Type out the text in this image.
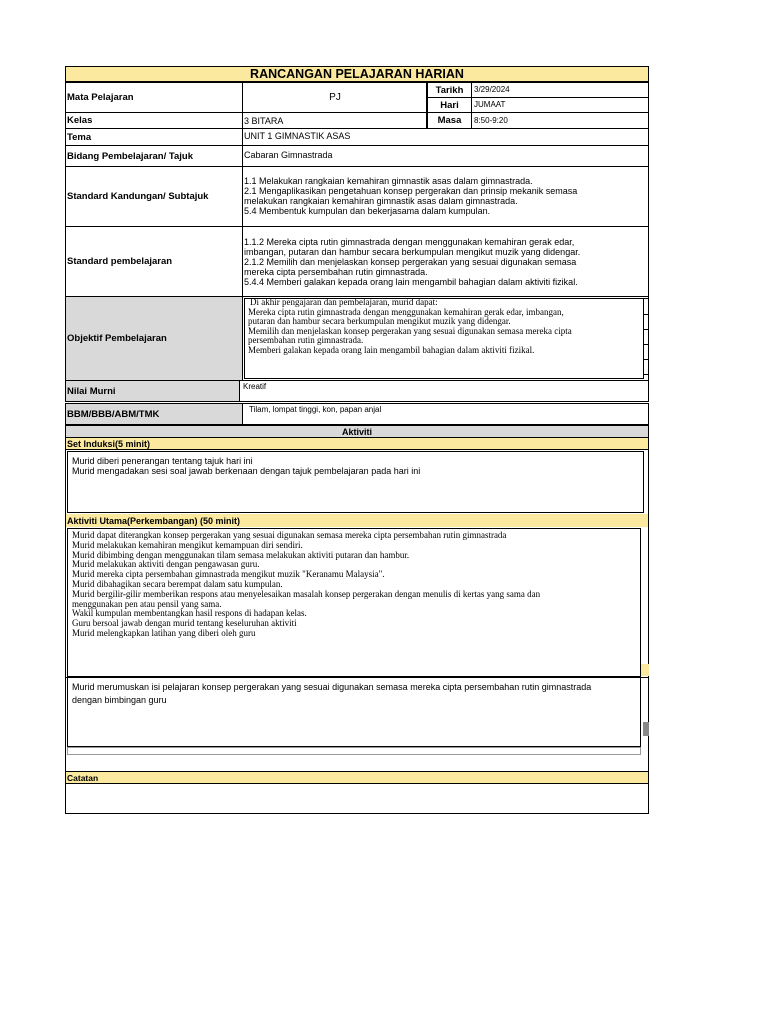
RANCANGAN PELAJARAN HARIAN
Mata Pelajaran	PJ
Tarikh	3/29/2024
Hari	JUMAAT
Kelas	3 BITARA	Masa	8:50-9:20
Tema	UNIT 1 GIMNASTIK ASAS
Bidang Pembelajaran/ Tajuk	Cabaran Gimnastrada
Standard Kandungan/ Subtajuk
1.1 Melakukan rangkaian kemahiran gimnastik asas dalam gimnastrada.
2.1 Mengaplikasikan pengetahuan konsep pergerakan dan prinsip mekanik semasa
melakukan rangkaian kemahiran gimnastik asas dalam gimnastrada.
5.4 Membentuk kumpulan dan bekerjasama dalam kumpulan.
Standard pembelajaran
1.1.2 Mereka cipta rutin gimnastrada dengan menggunakan kemahiran gerak edar,
imbangan, putaran dan hambur secara berkumpulan mengikut muzik yang didengar.
2.1.2 Memilih dan menjelaskan konsep pergerakan yang sesuai digunakan semasa
mereka cipta persembahan rutin gimnastrada.
5.4.4 Memberi galakan kepada orang lain mengambil bahagian dalam aktiviti fizikal.
Objektif Pembelajaran
Di akhir pengajaran dan pembelajaran, murid dapat:
Mereka cipta rutin gimnastrada dengan menggunakan kemahiran gerak edar, imbangan,
putaran dan hambur secara berkumpulan mengikut muzik yang didengar.
Memilih dan menjelaskan konsep pergerakan yang sesuai digunakan semasa mereka cipta
persembahan rutin gimnastrada.
Memberi galakan kepada orang lain mengambil bahagian dalam aktiviti fizikal.
Nilai Murni	Kreatif
BBM/BBB/ABM/TMK	Tilam, lompat tinggi, kon, papan anjal
Aktiviti
Set Induksi(5 minit)
Murid diberi penerangan tentang tajuk hari ini
Murid mengadakan sesi soal jawab berkenaan dengan tajuk pembelajaran pada hari ini
Aktiviti Utama(Perkembangan) (50 minit)
Murid dapat diterangkan konsep pergerakan yang sesuai digunakan semasa mereka cipta persembahan rutin gimnastrada
Murid melakukan kemahiran mengikut kemampuan diri sendiri.
Murid dibimbing dengan menggunakan tilam semasa melakukan aktiviti putaran dan hambur.
Murid melakukan aktiviti dengan pengawasan guru.
Murid mereka cipta persembahan gimnastrada mengikut muzik "Keranamu Malaysia".
Murid dibahagikan secara berempat dalam satu kumpulan.
Murid bergilir-gilir memberikan respons atau menyelesaikan masalah konsep pergerakan dengan menulis di kertas yang sama dan
menggunakan pen atau pensil yang sama.
Wakil kumpulan membentangkan hasil respons di hadapan kelas.
Guru bersoal jawab dengan murid tentang keseluruhan aktiviti
Murid melengkapkan latihan yang diberi oleh guru
Murid merumuskan isi pelajaran konsep pergerakan yang sesuai digunakan semasa mereka cipta persembahan rutin gimnastrada
dengan bimbingan guru
Catatan
